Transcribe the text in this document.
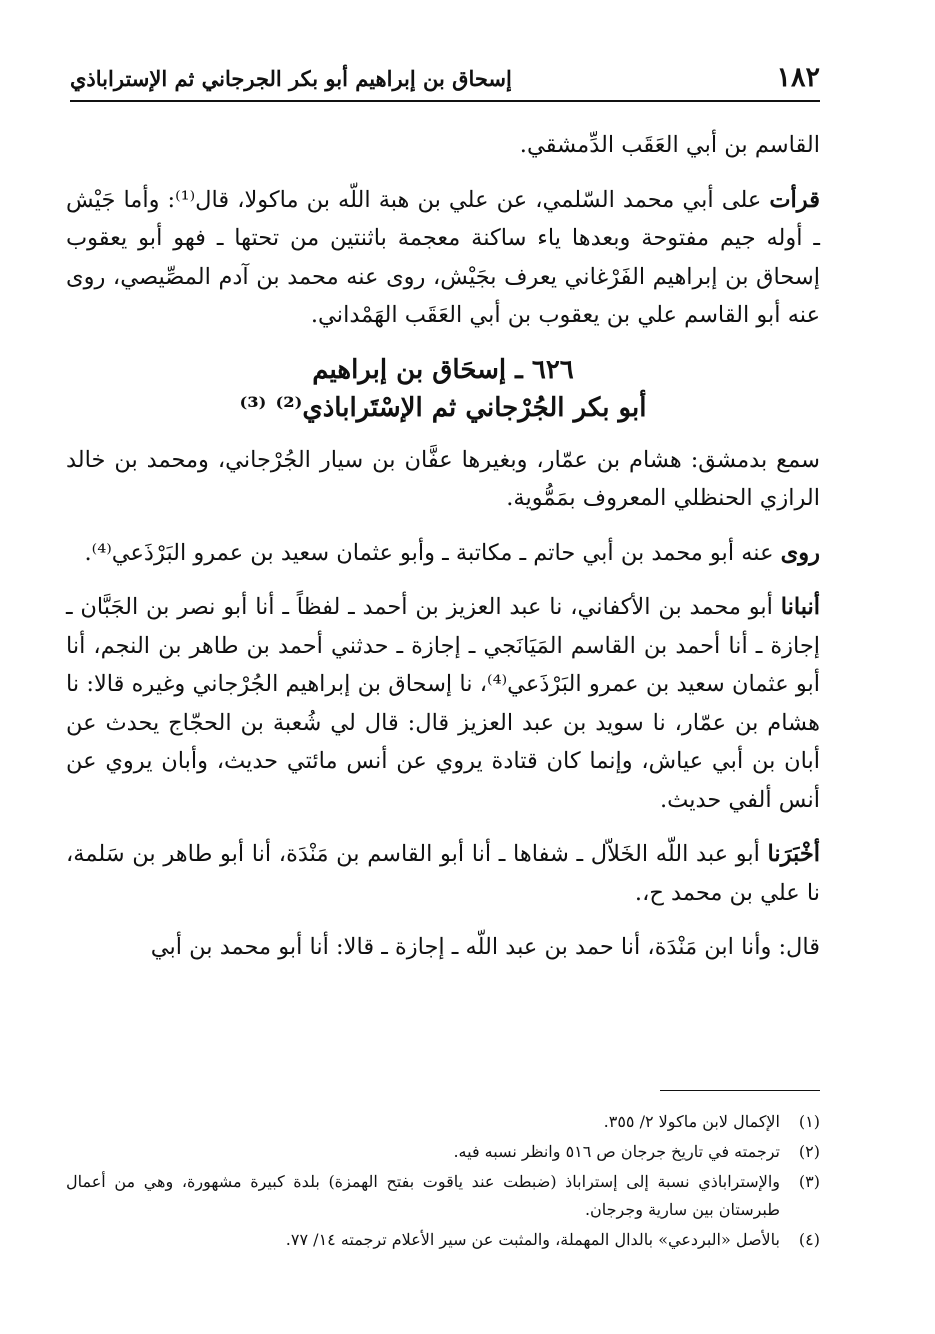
١٨٢
إسحاق بن إبراهيم أبو بكر الجرجاني ثم الإستراباذي

القاسم بن أبي العَقَب الدِّمشقي.

قرأت على أبي محمد السّلمي، عن علي بن هبة اللّه بن ماكولا، قال⁽¹⁾: وأما جَيْش ـ أوله جيم مفتوحة وبعدها ياء ساكنة معجمة باثنتين من تحتها ـ فهو أبو يعقوب إسحاق بن إبراهيم الفَرْغاني يعرف بجَيْش، روى عنه محمد بن آدم المصِّيصي، روى عنه أبو القاسم علي بن يعقوب بن أبي العَقَب الهَمْداني.

٦٢٦ ـ إسحَاق بن إبراهيم
أبو بكر الجُرْجاني ثم الإسْتَراباذي⁽²⁾ ⁽³⁾

سمع بدمشق: هشام بن عمّار، وبغيرها عفَّان بن سيار الجُرْجاني، ومحمد بن خالد الرازي الحنظلي المعروف بمَمُّوية.

روى عنه أبو محمد بن أبي حاتم ـ مكاتبة ـ وأبو عثمان سعيد بن عمرو البَرْذَعي⁽⁴⁾.

أنبانا أبو محمد بن الأكفاني، نا عبد العزيز بن أحمد ـ لفظاً ـ أنا أبو نصر بن الجَبَّان ـ إجازة ـ أنا أحمد بن القاسم المَيَانَجي ـ إجازة ـ حدثني أحمد بن طاهر بن النجم، أنا أبو عثمان سعيد بن عمرو البَرْذَعي⁽⁴⁾، نا إسحاق بن إبراهيم الجُرْجاني وغيره قالا: نا هشام بن عمّار، نا سويد بن عبد العزيز قال: قال لي شُعبة بن الحجّاج يحدث عن أبان بن أبي عياش، وإنما كان قتادة يروي عن أنس مائتي حديث، وأبان يروي عن أنس ألفي حديث.

أخْبَرَنا أبو عبد اللّه الخَلاّل ـ شفاها ـ أنا أبو القاسم بن مَنْدَة، أنا أبو طاهر بن سَلمة، نا علي بن محمد ح،.

قال: وأنا ابن مَنْدَة، أنا حمد بن عبد اللّه ـ إجازة ـ قالا: أنا أبو محمد بن أبي

(١)
الإكمال لابن ماكولا ٢/ ٣٥٥.
(٢)
ترجمته في تاريخ جرجان ص ٥١٦ وانظر نسبه فيه.
(٣)
والإستراباذي نسبة إلى إستراباذ (ضبطت عند ياقوت بفتح الهمزة) بلدة كبيرة مشهورة، وهي من أعمال طبرستان بين سارية وجرجان.
(٤)
بالأصل «البردعي» بالدال المهملة، والمثبت عن سير الأعلام ترجمته ١٤/ ٧٧.
